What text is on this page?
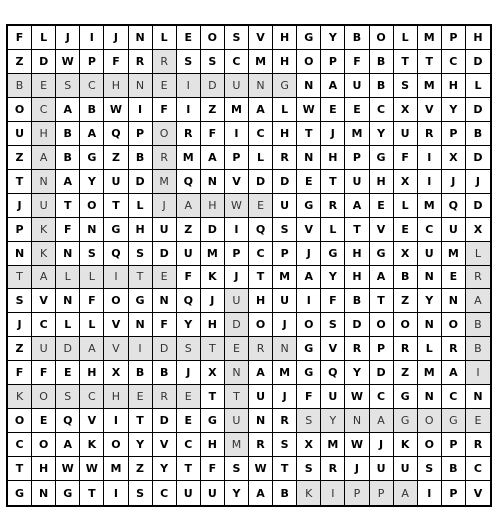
F	L	J	I	J	N	L	E	O	S	V	H	G	Y	B	O	L	M	P	H
Z	D	W	P	F	R	R	S	S	C	M	H	O	P	F	B	T	T	C	D
B	E	S	C	H	N	E	I	D	U	N	G	N	A	U	B	S	M	H	L
O	C	A	B	W	I	F	I	Z	M	A	L	W	E	E	C	X	V	Y	D
U	H	B	A	Q	P	O	R	F	I	C	H	T	J	M	Y	U	R	P	B
Z	A	B	G	Z	B	R	M	A	P	L	R	N	H	P	G	F	I	X	D
T	N	A	Y	U	D	M	Q	N	V	D	D	E	T	U	H	X	I	J	J
J	U	T	O	T	L	J	A	H	W	E	U	G	R	A	E	L	M	Q	D
P	K	F	N	G	H	U	Z	D	I	Q	S	V	L	T	V	E	C	U	X
N	K	N	S	Q	S	D	U	M	P	C	P	J	G	H	G	X	U	M	L
T	A	L	L	I	T	E	F	K	J	T	M	A	Y	H	A	B	N	E	R
S	V	N	F	O	G	N	Q	J	U	H	U	I	F	B	T	Z	Y	N	A
J	C	L	L	V	N	F	Y	H	D	O	J	O	S	D	O	O	N	O	B
Z	U	D	A	V	I	D	S	T	E	R	N	G	V	R	P	R	L	R	B
F	F	E	H	X	B	B	J	X	N	A	M	G	Q	Y	D	Z	M	A	I
K	O	S	C	H	E	R	E	T	T	U	J	F	U	W	C	G	N	C	N
O	E	Q	V	I	T	D	E	G	U	N	R	S	Y	N	A	G	O	G	E
C	O	A	K	O	Y	V	C	H	M	R	S	X	M	W	J	K	O	P	R
T	H	W	W	M	Z	Y	T	F	S	W	T	S	R	J	U	U	S	B	C
G	N	G	T	I	S	C	U	U	Y	A	B	K	I	P	P	A	I	P	V
